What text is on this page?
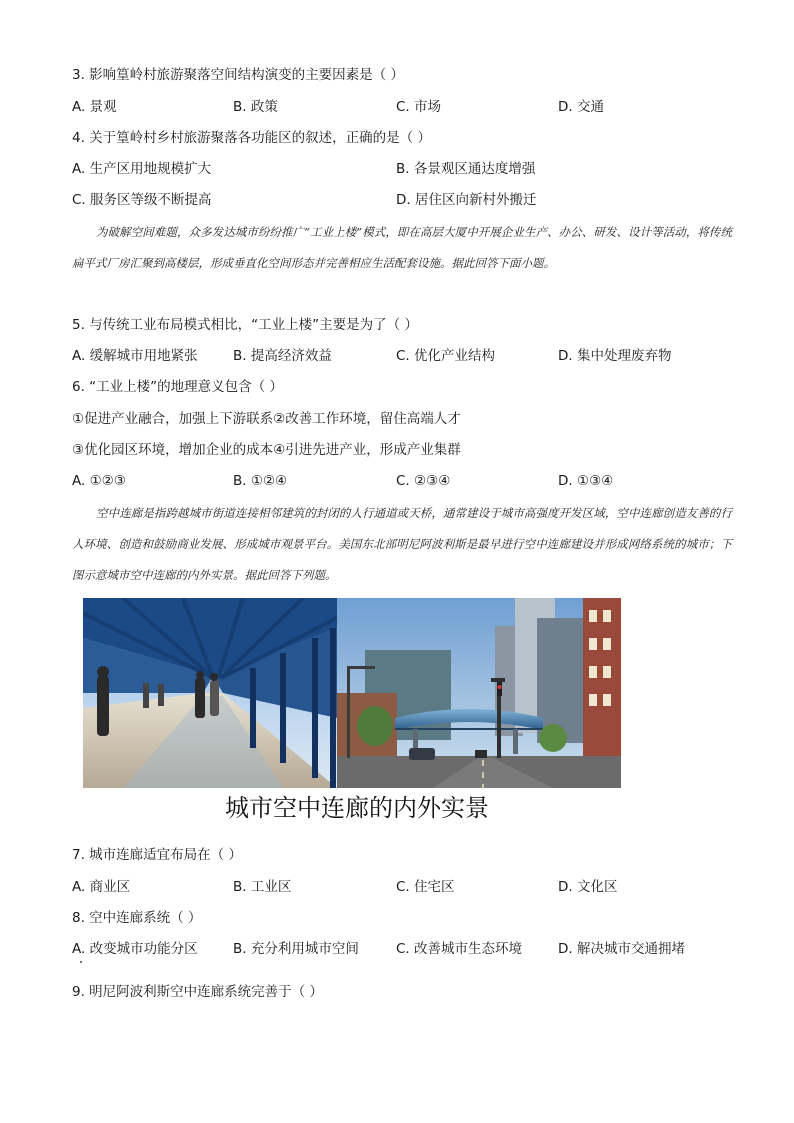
3. 影响篁岭村旅游聚落空间结构演变的主要因素是（ ）
A. 景观	B. 政策	C. 市场	D. 交通
4. 关于篁岭村乡村旅游聚落各功能区的叙述，正确的是（ ）
A. 生产区用地规模扩大	B. 各景观区通达度增强
C. 服务区等级不断提高	D. 居住区向新村外搬迁
为破解空间难题，众多发达城市纷纷推广“工业上楼”模式，即在高层大厦中开展企业生产、办公、研发、设计等活动，将传统扁平式厂房汇聚到高楼层，形成垂直化空间形态并完善相应生活配套设施。据此回答下面小题。
5. 与传统工业布局模式相比，“工业上楼”主要是为了（ ）
A. 缓解城市用地紧张	B. 提高经济效益	C. 优化产业结构	D. 集中处理废弃物
6. “工业上楼”的地理意义包含（ ）
①促进产业融合，加强上下游联系②改善工作环境，留住高端人才
③优化园区环境，增加企业的成本④引进先进产业，形成产业集群
A. ①②③	B. ①②④	C. ②③④	D. ①③④
空中连廊是指跨越城市街道连接相邻建筑的封闭的人行通道或天桥，通常建设于城市高强度开发区域，空中连廊创造友善的行人环境、创造和鼓励商业发展、形成城市观景平台。美国东北部明尼阿波利斯是最早进行空中连廊建设并形成网络系统的城市；下图示意城市空中连廊的内外实景。据此回答下列题。
城市空中连廊的内外实景
7. 城市连廊适宜布局在（ ）
A. 商业区	B. 工业区	C. 住宅区	D. 文化区
8. 空中连廊系统（ ）
A. 改变城市功能分区	B. 充分利用城市空间	C. 改善城市生态环境	D. 解决城市交通拥堵
9. 明尼阿波利斯空中连廊系统完善于（ ）
